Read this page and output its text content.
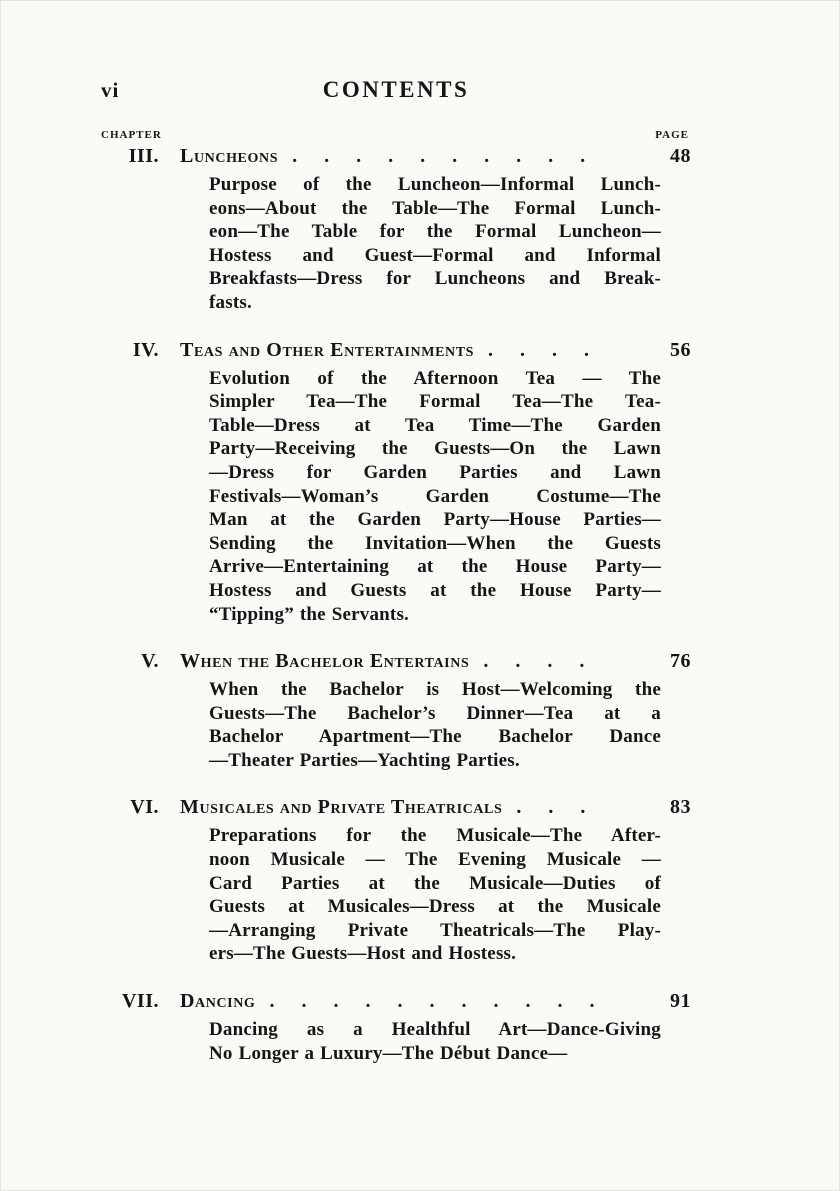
vi	CONTENTS
CHAPTER	PAGE
III. Luncheons . . . . . . . . . .	48
Purpose of the Luncheon—Informal Lunch-
eons—About the Table—The Formal Lunch-
eon—The Table for the Formal Luncheon—
Hostess and Guest—Formal and Informal
Breakfasts—Dress for Luncheons and Break-
fasts.
IV. Teas and Other Entertainments . . . .	56
Evolution of the Afternoon Tea — The
Simpler Tea—The Formal Tea—The Tea-
Table—Dress at Tea Time—The Garden
Party—Receiving the Guests—On the Lawn
—Dress for Garden Parties and Lawn
Festivals—Woman’s Garden Costume—The
Man at the Garden Party—House Parties—
Sending the Invitation—When the Guests
Arrive—Entertaining at the House Party—
Hostess and Guests at the House Party—
“Tipping” the Servants.
V. When the Bachelor Entertains . . . .	76
When the Bachelor is Host—Welcoming the
Guests—The Bachelor’s Dinner—Tea at a
Bachelor Apartment—The Bachelor Dance
—Theater Parties—Yachting Parties.
VI. Musicales and Private Theatricals . . .	83
Preparations for the Musicale—The After-
noon Musicale — The Evening Musicale —
Card Parties at the Musicale—Duties of
Guests at Musicales—Dress at the Musicale
—Arranging Private Theatricals—The Play-
ers—The Guests—Host and Hostess.
VII. Dancing . . . . . . . . . . .	91
Dancing as a Healthful Art—Dance-Giving
No Longer a Luxury—The Début Dance—
